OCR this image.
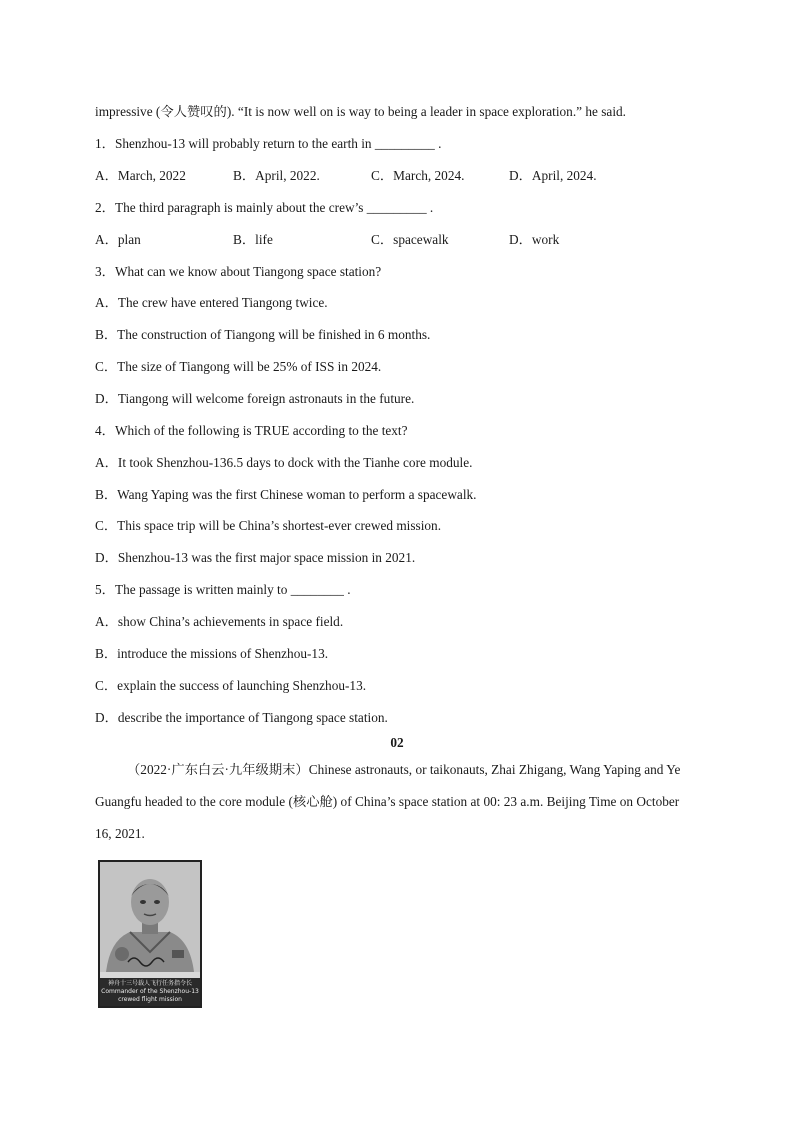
impressive (令人赞叹的). “It is now well on is way to being a leader in space exploration.” he said.
1．Shenzhou-13 will probably return to the earth in _________ .
A．March, 2022	B．April, 2022.	C．March, 2024.	D．April, 2024.
2．The third paragraph is mainly about the crew’s _________ .
A．plan	B．life	C．spacewalk	D．work
3．What can we know about Tiangong space station?
A．The crew have entered Tiangong twice.
B．The construction of Tiangong will be finished in 6 months.
C．The size of Tiangong will be 25% of ISS in 2024.
D．Tiangong will welcome foreign astronauts in the future.
4．Which of the following is TRUE according to the text?
A．It took Shenzhou-136.5 days to dock with the Tianhe core module.
B．Wang Yaping was the first Chinese woman to perform a spacewalk.
C．This space trip will be China’s shortest-ever crewed mission.
D．Shenzhou-13 was the first major space mission in 2021.
5．The passage is written mainly to ________ .
A．show China’s achievements in space field.
B．introduce the missions of Shenzhou-13.
C．explain the success of launching Shenzhou-13.
D．describe the importance of Tiangong space station.
02
（2022·广东白云·九年级期末）Chinese astronauts, or taikonauts, Zhai Zhigang, Wang Yaping and Ye
Guangfu headed to the core module (核心舱) of China’s space station at 00: 23 a.m. Beijing Time on October
16, 2021.
神舟十三号载人飞行任务指令长
Commander of the Shenzhou-13
crewed flight mission
